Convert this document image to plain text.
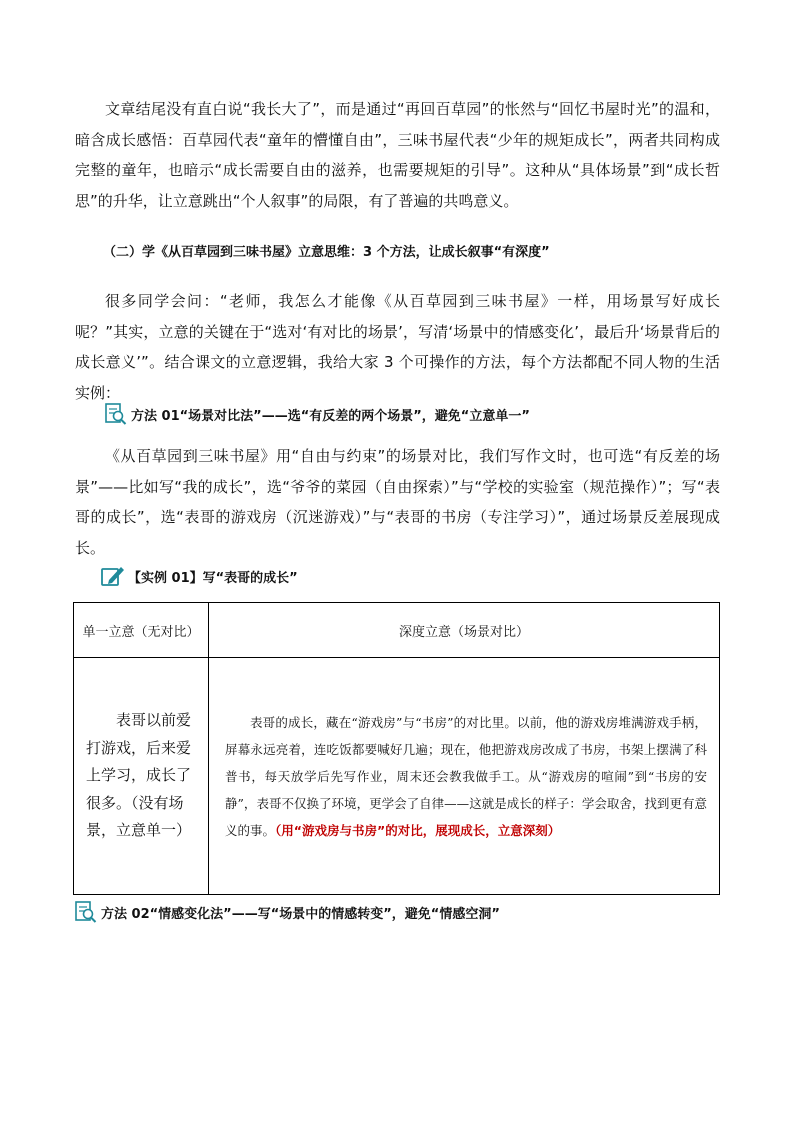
文章结尾没有直白说“我长大了”，而是通过“再回百草园”的怅然与“回忆书屋时光”的温和，暗含成长感悟：百草园代表“童年的懵懂自由”，三味书屋代表“少年的规矩成长”，两者共同构成完整的童年，也暗示“成长需要自由的滋养，也需要规矩的引导”。这种从“具体场景”到“成长哲思”的升华，让立意跳出“个人叙事”的局限，有了普遍的共鸣意义。

（二）学《从百草园到三味书屋》立意思维：3 个方法，让成长叙事“有深度”

很多同学会问：“老师，我怎么才能像《从百草园到三味书屋》一样，用场景写好成长呢？”其实，立意的关键在于“选对‘有对比的场景’，写清‘场景中的情感变化’，最后升‘场景背后的成长意义’”。结合课文的立意逻辑，我给大家 3 个可操作的方法，每个方法都配不同人物的生活实例：

方法 01“场景对比法”——选“有反差的两个场景”，避免“立意单一”

《从百草园到三味书屋》用“自由与约束”的场景对比，我们写作文时，也可选“有反差的场景”——比如写“我的成长”，选“爷爷的菜园（自由探索）”与“学校的实验室（规范操作）”；写“表哥的成长”，选“表哥的游戏房（沉迷游戏）”与“表哥的书房（专注学习）”，通过场景反差展现成长。

【实例 01】写“表哥的成长”
单一立意（无对比）	深度立意（场景对比）
表哥以前爱打游戏，后来爱上学习，成长了很多。（没有场景，立意单一）	表哥的成长，藏在“游戏房”与“书房”的对比里。以前，他的游戏房堆满游戏手柄，屏幕永远亮着，连吃饭都要喊好几遍；现在，他把游戏房改成了书房，书架上摆满了科普书，每天放学后先写作业，周末还会教我做手工。从“游戏房的喧闹”到“书房的安静”，表哥不仅换了环境，更学会了自律——这就是成长的样子：学会取舍，找到更有意义的事。（用“游戏房与书房”的对比，展现成长，立意深刻）
方法 02“情感变化法”——写“场景中的情感转变”，避免“情感空洞”
